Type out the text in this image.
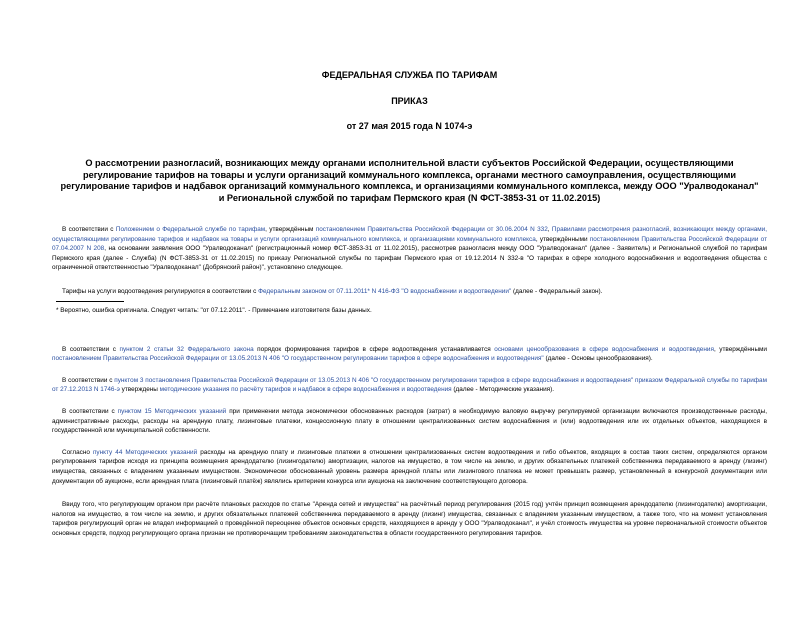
ФЕДЕРАЛЬНАЯ СЛУЖБА ПО ТАРИФАМ
ПРИКАЗ
от 27 мая 2015 года N 1074-э
О рассмотрении разногласий, возникающих между органами исполнительной власти субъектов Российской Федерации, осуществляющими регулирование тарифов на товары и услуги организаций коммунального комплекса, органами местного самоуправления, осуществляющими регулирование тарифов и надбавок организаций коммунального комплекса, и организациями коммунального комплекса, между ООО "Уралводоканал" и Региональной службой по тарифам Пермского края (N ФСТ-3853-31 от 11.02.2015)

В соответствии с Положением о Федеральной службе по тарифам, утверждённым постановлением Правительства Российской Федерации от 30.06.2004 N 332, Правилами рассмотрения разногласий, возникающих между органами, осуществляющими регулирование тарифов и надбавок на товары и услуги организаций коммунального комплекса, и организациями коммунального комплекса, утверждёнными постановлением Правительства Российской Федерации от 07.04.2007 N 208, на основании заявления ООО "Уралводоканал" (регистрационный номер ФСТ-3853-31 от 11.02.2015), рассмотрев разногласия между ООО "Уралводоканал" (далее - Заявитель) и Региональной службой по тарифам Пермского края (далее - Служба) (N ФСТ-3853-31 от 11.02.2015) по приказу Региональной службы по тарифам Пермского края от 19.12.2014 N 332-в "О тарифах в сфере холодного водоснабжения и водоотведения общества с ограниченной ответственностью "Уралводоканал" (Добрянский район)", установлено следующее.

Тарифы на услуги водоотведения регулируются в соответствии с Федеральным законом от 07.11.2011* N 416-ФЗ "О водоснабжении и водоотведении" (далее - Федеральный закон).

* Вероятно, ошибка оригинала. Следует читать: "от 07.12.2011". - Примечание изготовителя базы данных.

В соответствии с пунктом 2 статьи 32 Федерального закона порядок формирования тарифов в сфере водоотведения устанавливается основами ценообразования в сфере водоснабжения и водоотведения, утверждёнными постановлением Правительства Российской Федерации от 13.05.2013 N 406 "О государственном регулировании тарифов в сфере водоснабжения и водоотведения" (далее - Основы ценообразования).

В соответствии с пунктом 3 постановления Правительства Российской Федерации от 13.05.2013 N 406 "О государственном регулировании тарифов в сфере водоснабжения и водоотведения" приказом Федеральной службы по тарифам от 27.12.2013 N 1746-э утверждены методические указания по расчёту тарифов и надбавок в сфере водоснабжения и водоотведения (далее - Методические указания).

В соответствии с пунктом 15 Методических указаний при применении метода экономически обоснованных расходов (затрат) в необходимую валовую выручку регулируемой организации включаются производственные расходы, административные расходы, расходы на арендную плату, лизинговые платежи, концессионную плату в отношении централизованных систем водоснабжения и (или) водоотведения или их отдельных объектов, находящихся в государственной или муниципальной собственности.

Согласно пункту 44 Методических указаний расходы на арендную плату и лизинговые платежи в отношении централизованных систем водоотведения и гибо объектов, входящих в состав таких систем, определяются органом регулирования тарифов исходя из принципа возмещения арендодателю (лизингодателю) амортизации, налогов на имущество, в том числе на землю, и других обязательных платежей собственника передаваемого в аренду (лизинг) имущества, связанных с владением указанным имуществом. Экономически обоснованный уровень размера арендной платы или лизингового платежа не может превышать размер, установленный в конкурсной документации или документации об аукционе, если арендная плата (лизинговый платёж) являлись критерием конкурса или аукциона на заключение соответствующего договора.

Ввиду того, что регулирующим органом при расчёте плановых расходов по статье "Аренда сетей и имущества" на расчётный период регулирования (2015 год) учтён принцип возмещения арендодателю (лизингодателю) амортизации, налогов на имущество, в том числе на землю, и других обязательных платежей собственника передаваемого в аренду (лизинг) имущества, связанных с владением указанным имуществом, а также того, что на момент установления тарифов регулирующий орган не владел информацией о проведённой переоценке объектов основных средств, находящихся в аренду у ООО "Уралводоканал", и учёл стоимость имущества на уровне первоначальной стоимости объектов основных средств, подход регулирующего органа признан не противоречащим требованиям законодательства в области государственного регулирования тарифов.
